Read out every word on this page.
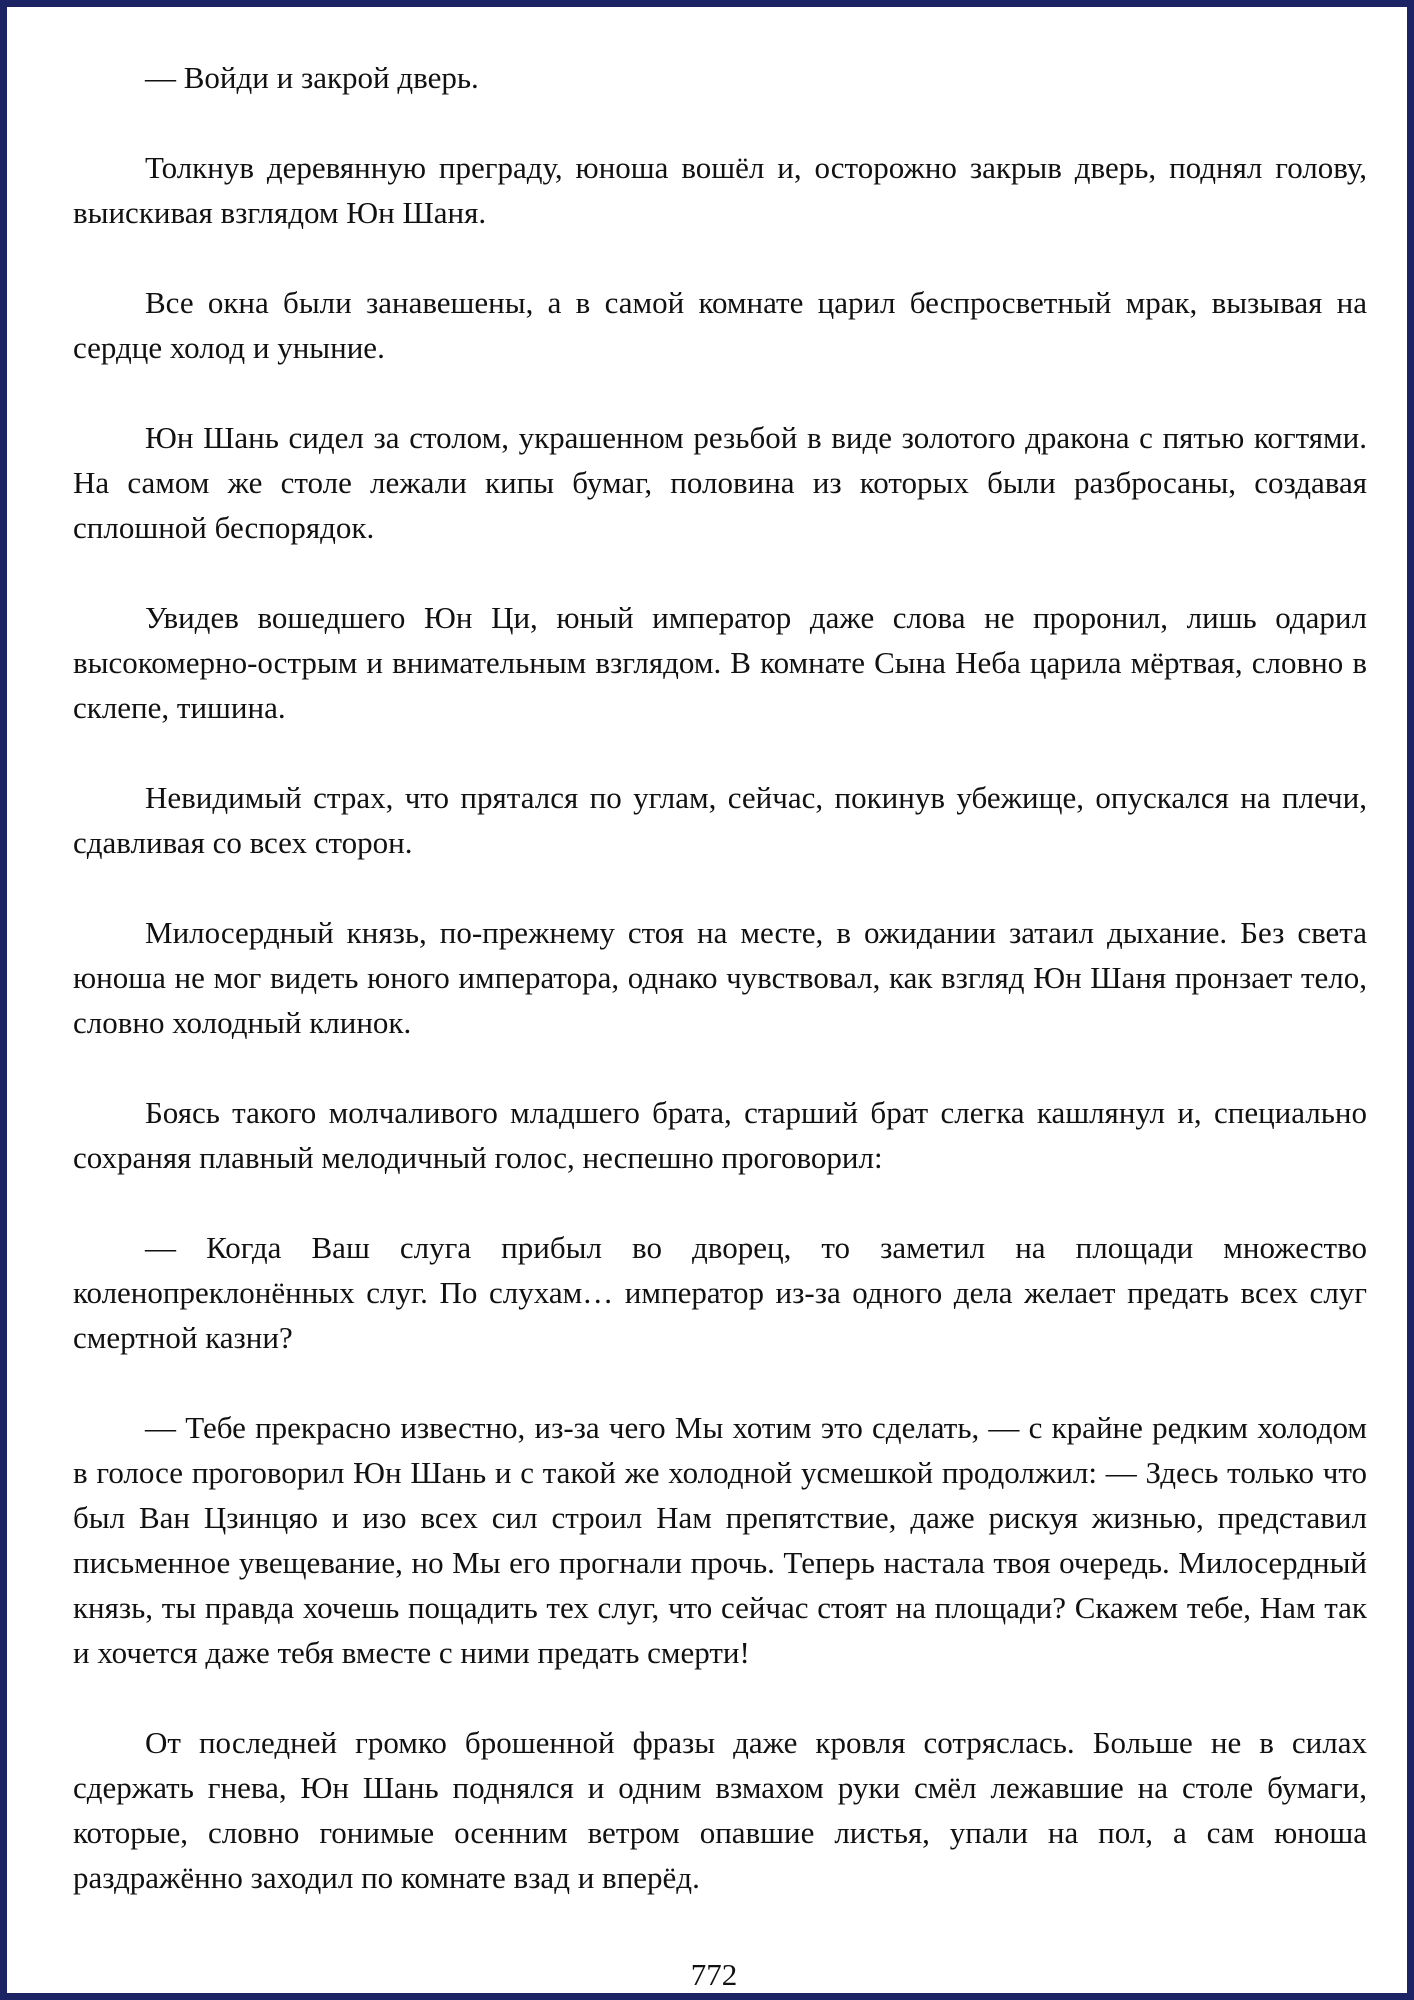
— Войди и закрой дверь.

Толкнув деревянную преграду, юноша вошёл и, осторожно закрыв дверь, поднял голову, выискивая взглядом Юн Шаня.

Все окна были занавешены, а в самой комнате царил беспросветный мрак, вызывая на сердце холод и уныние.

Юн Шань сидел за столом, украшенном резьбой в виде золотого дракона с пятью когтями. На самом же столе лежали кипы бумаг, половина из которых были разбросаны, создавая сплошной беспорядок.

Увидев вошедшего Юн Ци, юный император даже слова не проронил, лишь одарил высокомерно-острым и внимательным взглядом. В комнате Сына Неба царила мёртвая, словно в склепе, тишина.

Невидимый страх, что прятался по углам, сейчас, покинув убежище, опускался на плечи, сдавливая со всех сторон.

Милосердный князь, по-прежнему стоя на месте, в ожидании затаил дыхание. Без света юноша не мог видеть юного императора, однако чувствовал, как взгляд Юн Шаня пронзает тело, словно холодный клинок.

Боясь такого молчаливого младшего брата, старший брат слегка кашлянул и, специально сохраняя плавный мелодичный голос, неспешно проговорил:

— Когда Ваш слуга прибыл во дворец, то заметил на площади множество коленопреклонённых слуг. По слухам… император из-за одного дела желает предать всех слуг смертной казни?

— Тебе прекрасно известно, из-за чего Мы хотим это сделать, — с крайне редким холодом в голосе проговорил Юн Шань и с такой же холодной усмешкой продолжил: — Здесь только что был Ван Цзинцяо и изо всех сил строил Нам препятствие, даже рискуя жизнью, представил письменное увещевание, но Мы его прогнали прочь. Теперь настала твоя очередь. Милосердный князь, ты правда хочешь пощадить тех слуг, что сейчас стоят на площади? Скажем тебе, Нам так и хочется даже тебя вместе с ними предать смерти!

От последней громко брошенной фразы даже кровля сотряслась. Больше не в силах сдержать гнева, Юн Шань поднялся и одним взмахом руки смёл лежавшие на столе бумаги, которые, словно гонимые осенним ветром опавшие листья, упали на пол, а сам юноша раздражённо заходил по комнате взад и вперёд.

772
